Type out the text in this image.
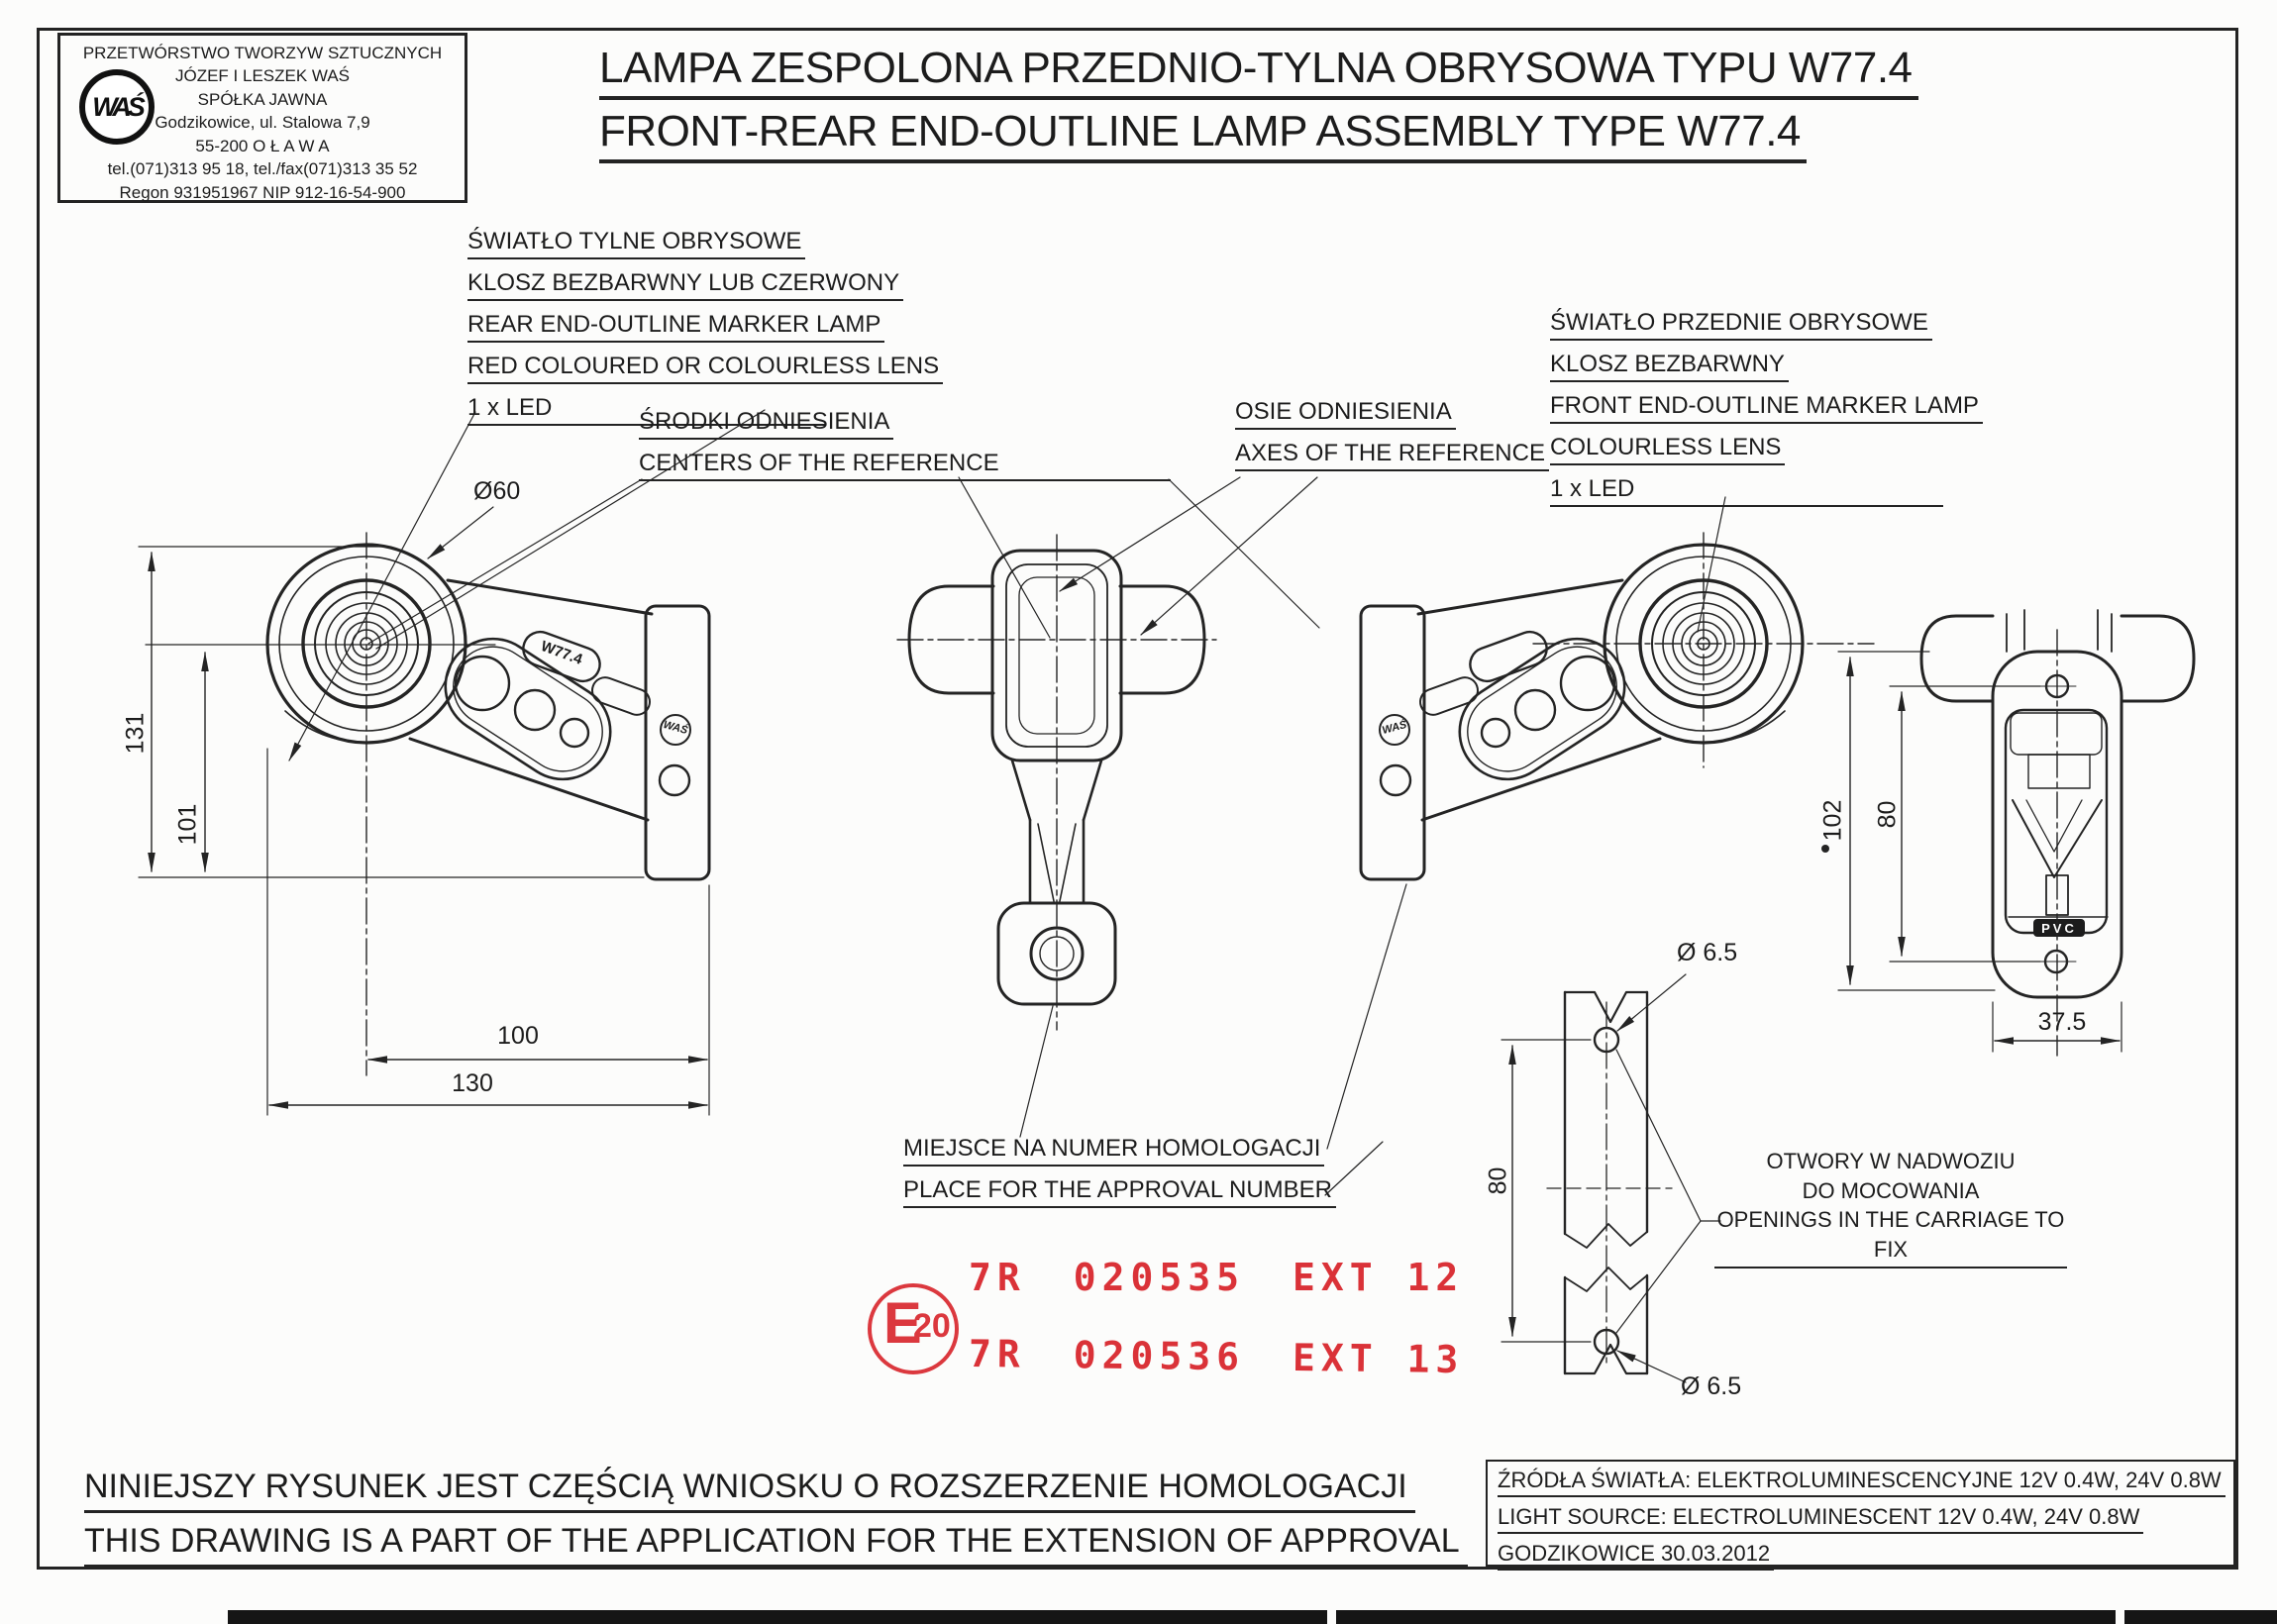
PRZETWÓRSTWO TWORZYW SZTUCZNYCH
JÓZEF I LESZEK WAŚ
SPÓŁKA JAWNA
Godzikowice, ul. Stalowa 7,9
55-200 O Ł A W A
tel.(071)313 95 18, tel./fax(071)313 35 52
Regon 931951967 NIP 912-16-54-900
WAŚ
LAMPA ZESPOLONA PRZEDNIO-TYLNA OBRYSOWA TYPU W77.4
FRONT-REAR END-OUTLINE LAMP ASSEMBLY TYPE W77.4
ŚWIATŁO TYLNE OBRYSOWE
KLOSZ BEZBARWNY LUB CZERWONY
REAR END-OUTLINE MARKER LAMP
RED COLOURED OR COLOURLESS LENS
1 x LED
ŚRODKI ODNIESIENIA
CENTERS OF THE REFERENCE
OSIE ODNIESIENIA
AXES OF THE REFERENCE
ŚWIATŁO PRZEDNIE OBRYSOWE
KLOSZ BEZBARWNY
FRONT END-OUTLINE MARKER LAMP
COLOURLESS LENS
1 x LED
MIEJSCE NA NUMER HOMOLOGACJI
PLACE FOR THE APPROVAL NUMBER
OTWORY W NADWOZIU
DO MOCOWANIA
OPENINGS IN THE CARRIAGE TO FIX
Ø60
131
101
100
130
102 80
37.5
80
Ø 6.5
Ø 6.5
W77.4
WAŚ	WAŚ
PVC
E
20
7R 020535 EXT 12
7R 020536 EXT 13
NINIEJSZY RYSUNEK JEST CZĘŚCIĄ WNIOSKU O ROZSZERZENIE HOMOLOGACJI
THIS DRAWING IS A PART OF THE APPLICATION FOR THE EXTENSION OF APPROVAL
ŹRÓDŁA ŚWIATŁA: ELEKTROLUMINESCENCYJNE 12V 0.4W, 24V 0.8W
LIGHT SOURCE: ELECTROLUMINESCENT 12V 0.4W, 24V 0.8W
GODZIKOWICE 30.03.2012
